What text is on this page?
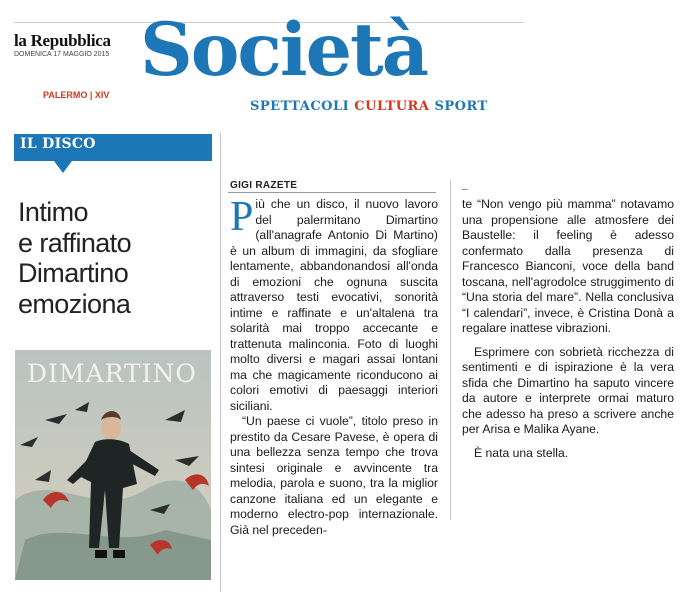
la Repubblica
DOMENICA 17 MAGGIO 2015
PALERMO | XIV
Società
SPETTACOLI CULTURA SPORT
IL DISCO
Intimo
e raffinato
Dimartino
emoziona
DIMARTINO
GIGI RAZETE

Più che un disco, il nuovo lavoro del palermitano Dimartino (all'anagrafe Antonio Di Martino) è un album di immagini, da sfogliare lentamente, abbandonandosi all'onda di emozioni che ognuna suscita attraverso testi evocativi, sonorità intime e raffinate e un'altalena tra solarità mai troppo accecante e trattenuta malinconia. Foto di luoghi molto diversi e magari assai lontani ma che magicamente riconducono ai colori emotivi di paesaggi interiori siciliani.

“Un paese ci vuole”, titolo preso in prestito da Cesare Pavese, è opera di una bellezza senza tempo che trova sintesi originale e avvincente tra melodia, parola e suono, tra la miglior canzone italiana ed un elegante e moderno electro-pop internazionale. Già nel preceden-

–

te “Non vengo più mamma” notavamo una propensione alle atmosfere dei Baustelle: il feeling è adesso confermato dalla presenza di Francesco Bianconi, voce della band toscana, nell'agrodolce struggimento di “Una storia del mare”. Nella conclusiva “I calendari”, invece, è Cristina Donà a regalare inattese vibrazioni.

Esprimere con sobrietà ricchezza di sentimenti e di ispirazione è la vera sfida che Dimartino ha saputo vincere da autore e interprete ormai maturo che adesso ha preso a scrivere anche per Arisa e Malika Ayane.

È nata una stella.
